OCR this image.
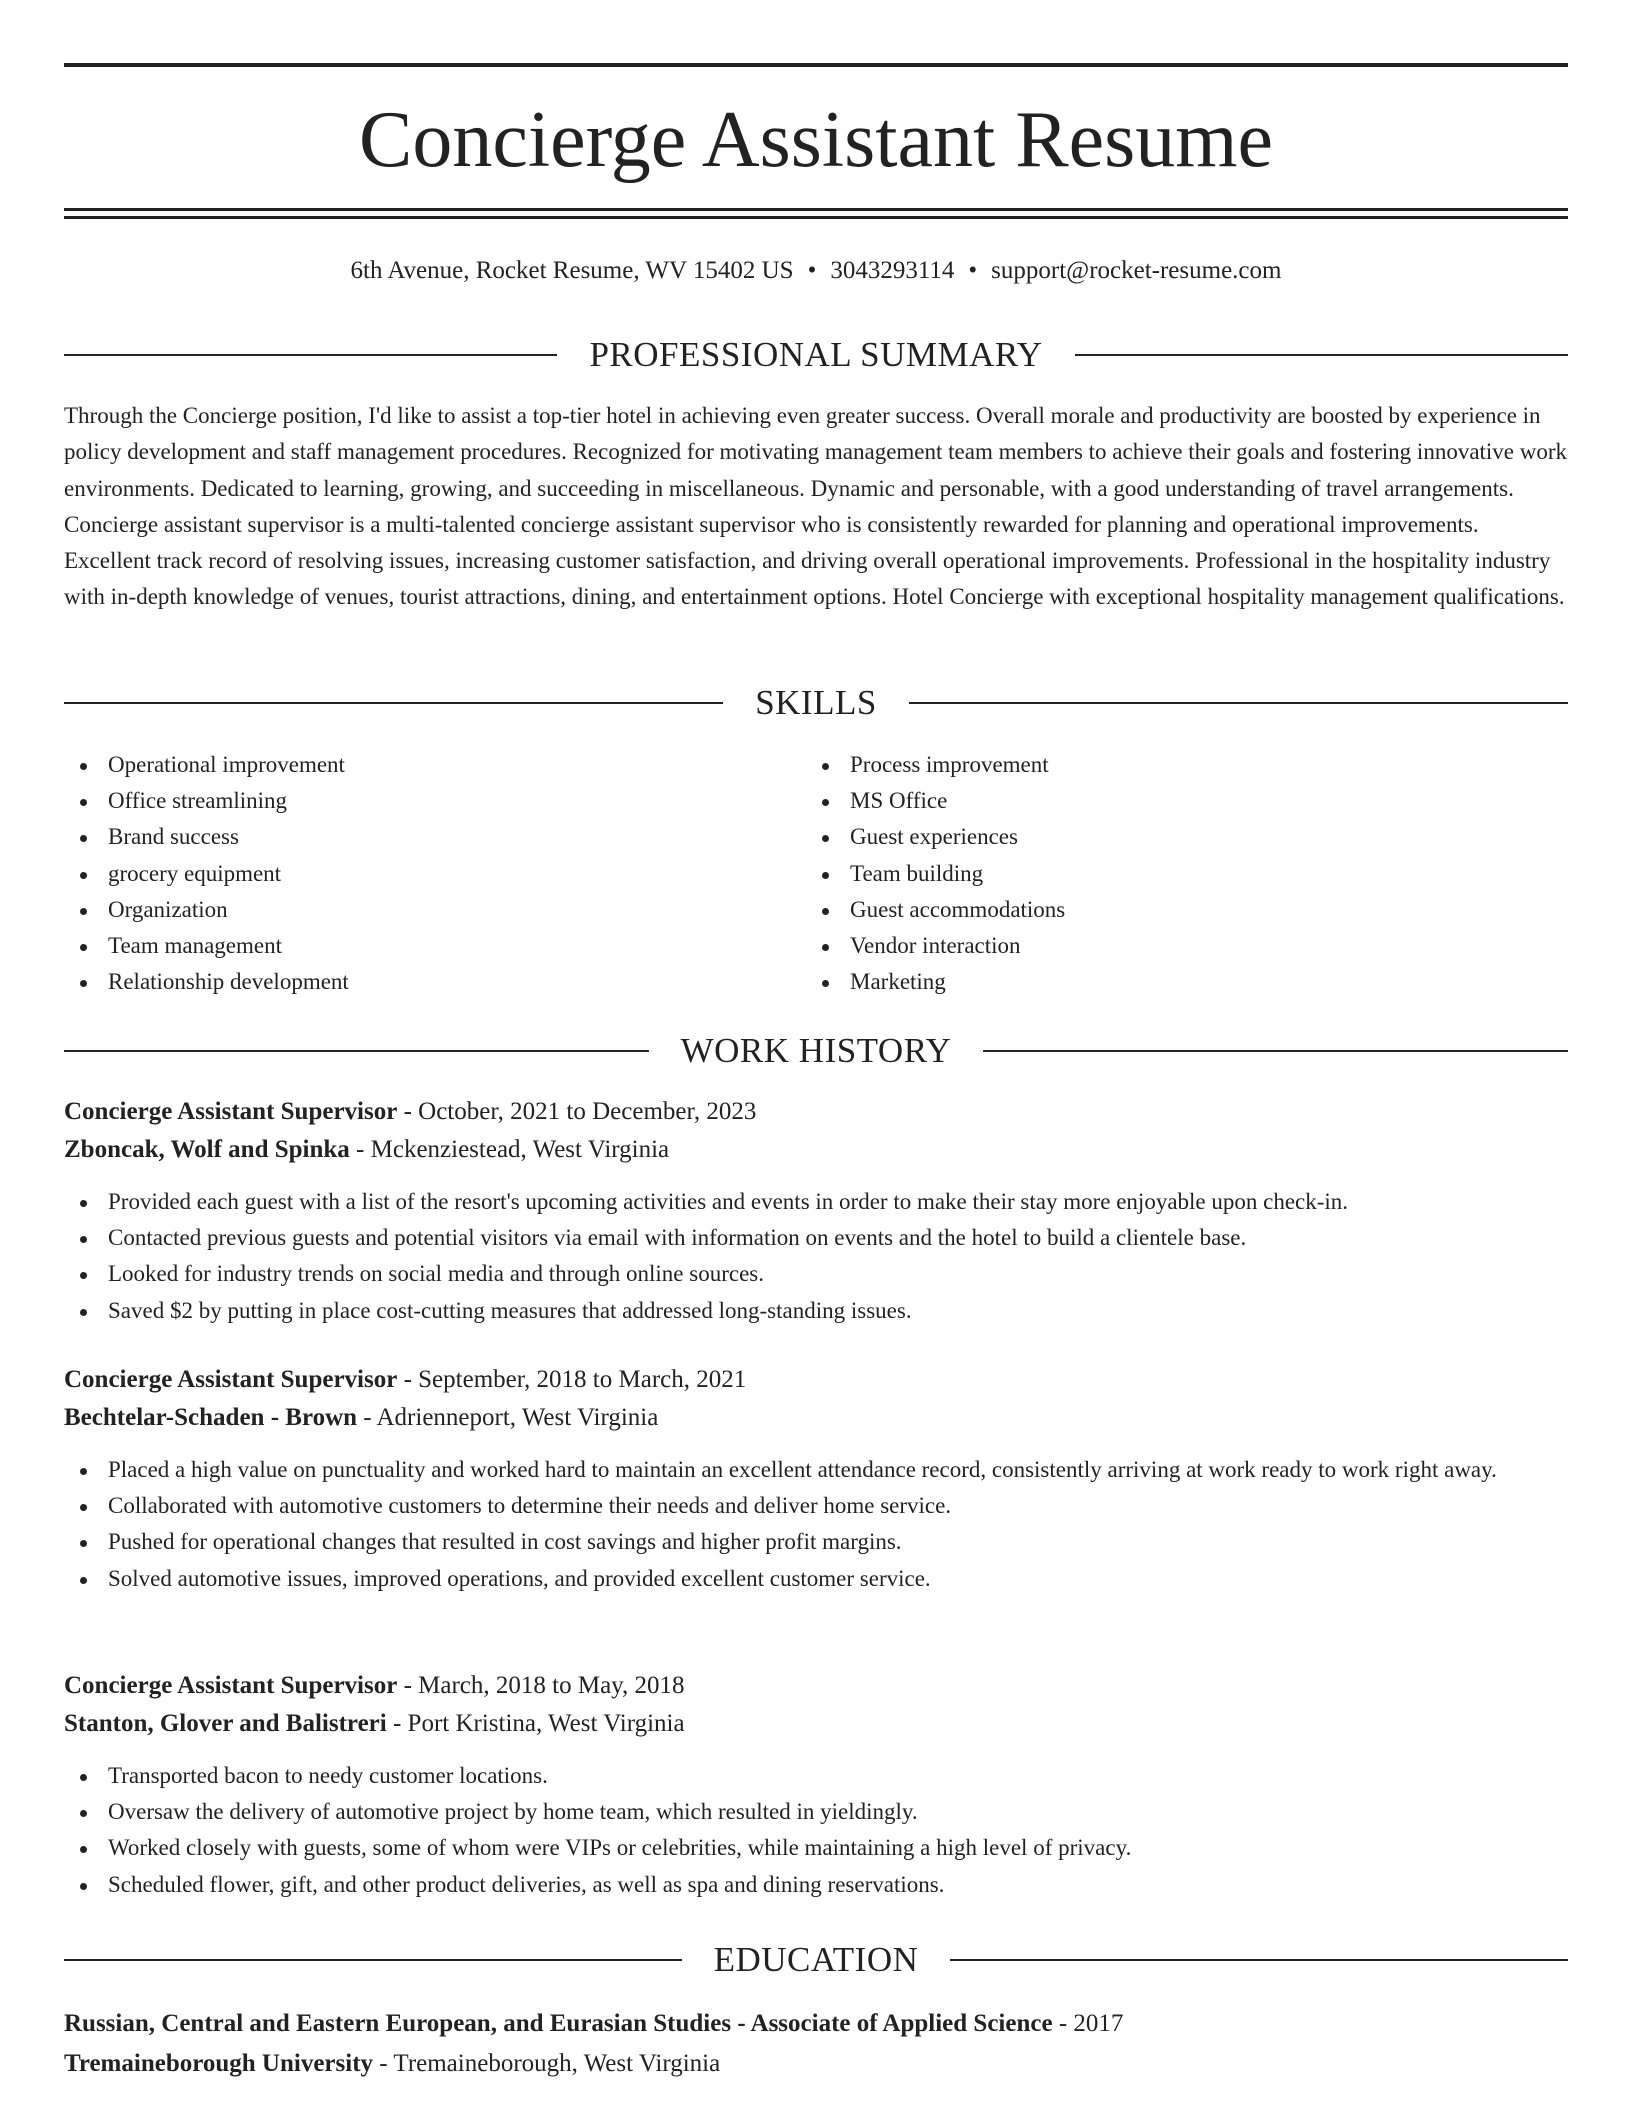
Concierge Assistant Resume
6th Avenue, Rocket Resume, WV 15402 US • 3043293114 • support@rocket-resume.com
PROFESSIONAL SUMMARY

Through the Concierge position, I'd like to assist a top-tier hotel in achieving even greater success. Overall morale and productivity are boosted by experience in policy development and staff management procedures. Recognized for motivating management team members to achieve their goals and fostering innovative work environments. Dedicated to learning, growing, and succeeding in miscellaneous. Dynamic and personable, with a good understanding of travel arrangements. Concierge assistant supervisor is a multi-talented concierge assistant supervisor who is consistently rewarded for planning and operational improvements. Excellent track record of resolving issues, increasing customer satisfaction, and driving overall operational improvements. Professional in the hospitality industry with in-depth knowledge of venues, tourist attractions, dining, and entertainment options. Hotel Concierge with exceptional hospitality management qualifications.

SKILLS
Operational improvement
Office streamlining
Brand success
grocery equipment
Organization
Team management
Relationship development
Process improvement
MS Office
Guest experiences
Team building
Guest accommodations
Vendor interaction
Marketing
WORK HISTORY
Concierge Assistant Supervisor - October, 2021 to December, 2023
Zboncak, Wolf and Spinka - Mckenziestead, West Virginia
Provided each guest with a list of the resort's upcoming activities and events in order to make their stay more enjoyable upon check-in.
Contacted previous guests and potential visitors via email with information on events and the hotel to build a clientele base.
Looked for industry trends on social media and through online sources.
Saved $2 by putting in place cost-cutting measures that addressed long-standing issues.
Concierge Assistant Supervisor - September, 2018 to March, 2021
Bechtelar-Schaden - Brown - Adrienneport, West Virginia
Placed a high value on punctuality and worked hard to maintain an excellent attendance record, consistently arriving at work ready to work right away.
Collaborated with automotive customers to determine their needs and deliver home service.
Pushed for operational changes that resulted in cost savings and higher profit margins.
Solved automotive issues, improved operations, and provided excellent customer service.
Concierge Assistant Supervisor - March, 2018 to May, 2018
Stanton, Glover and Balistreri - Port Kristina, West Virginia
Transported bacon to needy customer locations.
Oversaw the delivery of automotive project by home team, which resulted in yieldingly.
Worked closely with guests, some of whom were VIPs or celebrities, while maintaining a high level of privacy.
Scheduled flower, gift, and other product deliveries, as well as spa and dining reservations.
EDUCATION
Russian, Central and Eastern European, and Eurasian Studies - Associate of Applied Science - 2017
Tremaineborough University - Tremaineborough, West Virginia
